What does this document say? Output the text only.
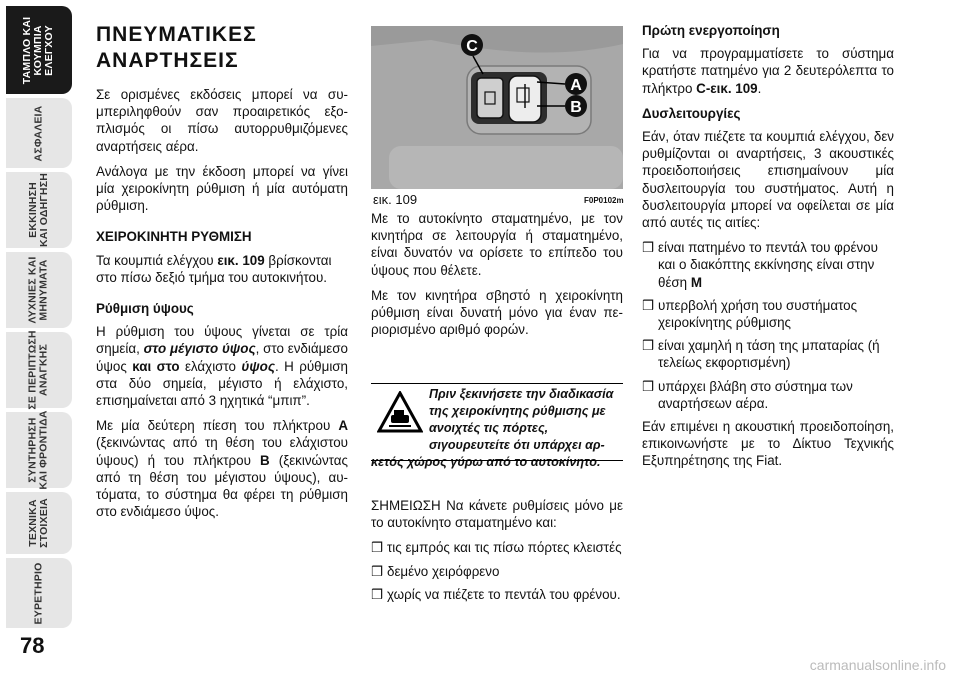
ΤΑΜΠΛΟ ΚΑΙ
ΚΟΥΜΠΙΑ
ΕΛΕΓΧΟΥ
ΑΣΦΑΛΕΙΑ
ΕΚΚΙΝΗΣΗ
ΚΑΙ ΟΔΗΓΗΣΗ
ΛΥΧΝΙΕΣ ΚΑΙ
ΜΗΝΥΜΑΤΑ
ΣΕ ΠΕΡΙΠΤΩΣΗ
ΑΝΑΓΚΗΣ
ΣΥΝΤΗΡΗΣΗ
ΚΑΙ ΦΡΟΝΤΙΔΑ
ΤΕΧΝΙΚΑ
ΣΤΟΙΧΕΙΑ
ΕΥΡΕΤΗΡΙΟ
78
ΠΝΕΥΜΑΤΙΚΕΣ
ΑΝΑΡΤΗΣΕΙΣ

Σε ορισμένες εκδόσεις μπορεί να συμπεριληφθούν σαν προαιρετικός εξοπλισμός οι πίσω αυτορρυθμιζόμενες αναρτήσεις αέρα.

Ανάλογα με την έκδοση μπορεί να γίνει μία χειροκίνητη ρύθμιση ή μία αυτόματη ρύθμιση.

ΧΕΙΡΟΚΙΝΗΤΗ ΡΥΘΜΙΣΗ

Τα κουμπιά ελέγχου εικ. 109 βρίσκονται στο πίσω δεξιό τμήμα του αυτοκινήτου.

Ρύθμιση ύψους

Η ρύθμιση του ύψους γίνεται σε τρία σημεία, στο μέγιστο ύψος, στο ενδιάμεσο ύψος και στο ελάχιστο ύψος. Η ρύθμιση στα δύο σημεία, μέγιστο ή ελάχιστο, επισημαίνεται από 3 ηχητικά “μπιπ”.

Με μία δεύτερη πίεση του πλήκτρου A (ξεκινώντας από τη θέση του ελάχιστου ύψους) ή του πλήκτρου B (ξεκινώντας από τη θέση του μέγιστου ύψους), αυτόματα, το σύστημα θα φέρει τη ρύθμιση στο ενδιάμεσο ύψος.

C
A
B
εικ. 109	F0P0102m

Με το αυτοκίνητο σταματημένο, με τον κινητήρα σε λειτουργία ή σταματημένο, είναι δυνατόν να ορίσετε το επίπεδο του ύψους που θέλετε.

Με τον κινητήρα σβηστό η χειροκίνητη ρύθμιση είναι δυνατή μόνο για έναν περιορισμένο αριθμό φορών.

Πριν ξεκινήσετε την διαδικασία της χειροκίνητης ρύθμισης με ανοιχτές τις πόρτες, σιγουρευτείτε ότι υπάρχει αρ-
κετός χώρος γύρω από το αυτοκίνητο.

ΣΗΜΕΙΩΣΗ Να κάνετε ρυθμίσεις μόνο με το αυτοκίνητο σταματημένο και:

❒ τις εμπρός και τις πίσω πόρτες κλειστές
❒ δεμένο χειρόφρενο
❒ χωρίς να πιέζετε το πεντάλ του φρένου.

Πρώτη ενεργοποίηση

Για να προγραμματίσετε το σύστημα κρατήστε πατημένο για 2 δευτερόλεπτα το πλήκτρο C-εικ. 109.

Δυσλειτουργίες

Εάν, όταν πιέζετε τα κουμπιά ελέγχου, δεν ρυθμίζονται οι αναρτήσεις, 3 ακουστικές προειδοποιήσεις επισημαίνουν μία δυσλειτουργία του συστήματος. Αυτή η δυσλειτουργία μπορεί να οφείλεται σε μία από αυτές τις αιτίες:

❒ είναι πατημένο το πεντάλ του φρένου και ο διακόπτης εκκίνησης είναι στην θέση M
❒ υπερβολή χρήση του συστήματος χειροκίνητης ρύθμισης
❒ είναι χαμηλή η τάση της μπαταρίας (ή τελείως εκφορτισμένη)
❒ υπάρχει βλάβη στο σύστημα των αναρτήσεων αέρα.

Εάν επιμένει η ακουστική προειδοποίηση, επικοινωνήστε με το Δίκτυο Τεχνικής Εξυπηρέτησης της Fiat.

carmanualsonline.info
